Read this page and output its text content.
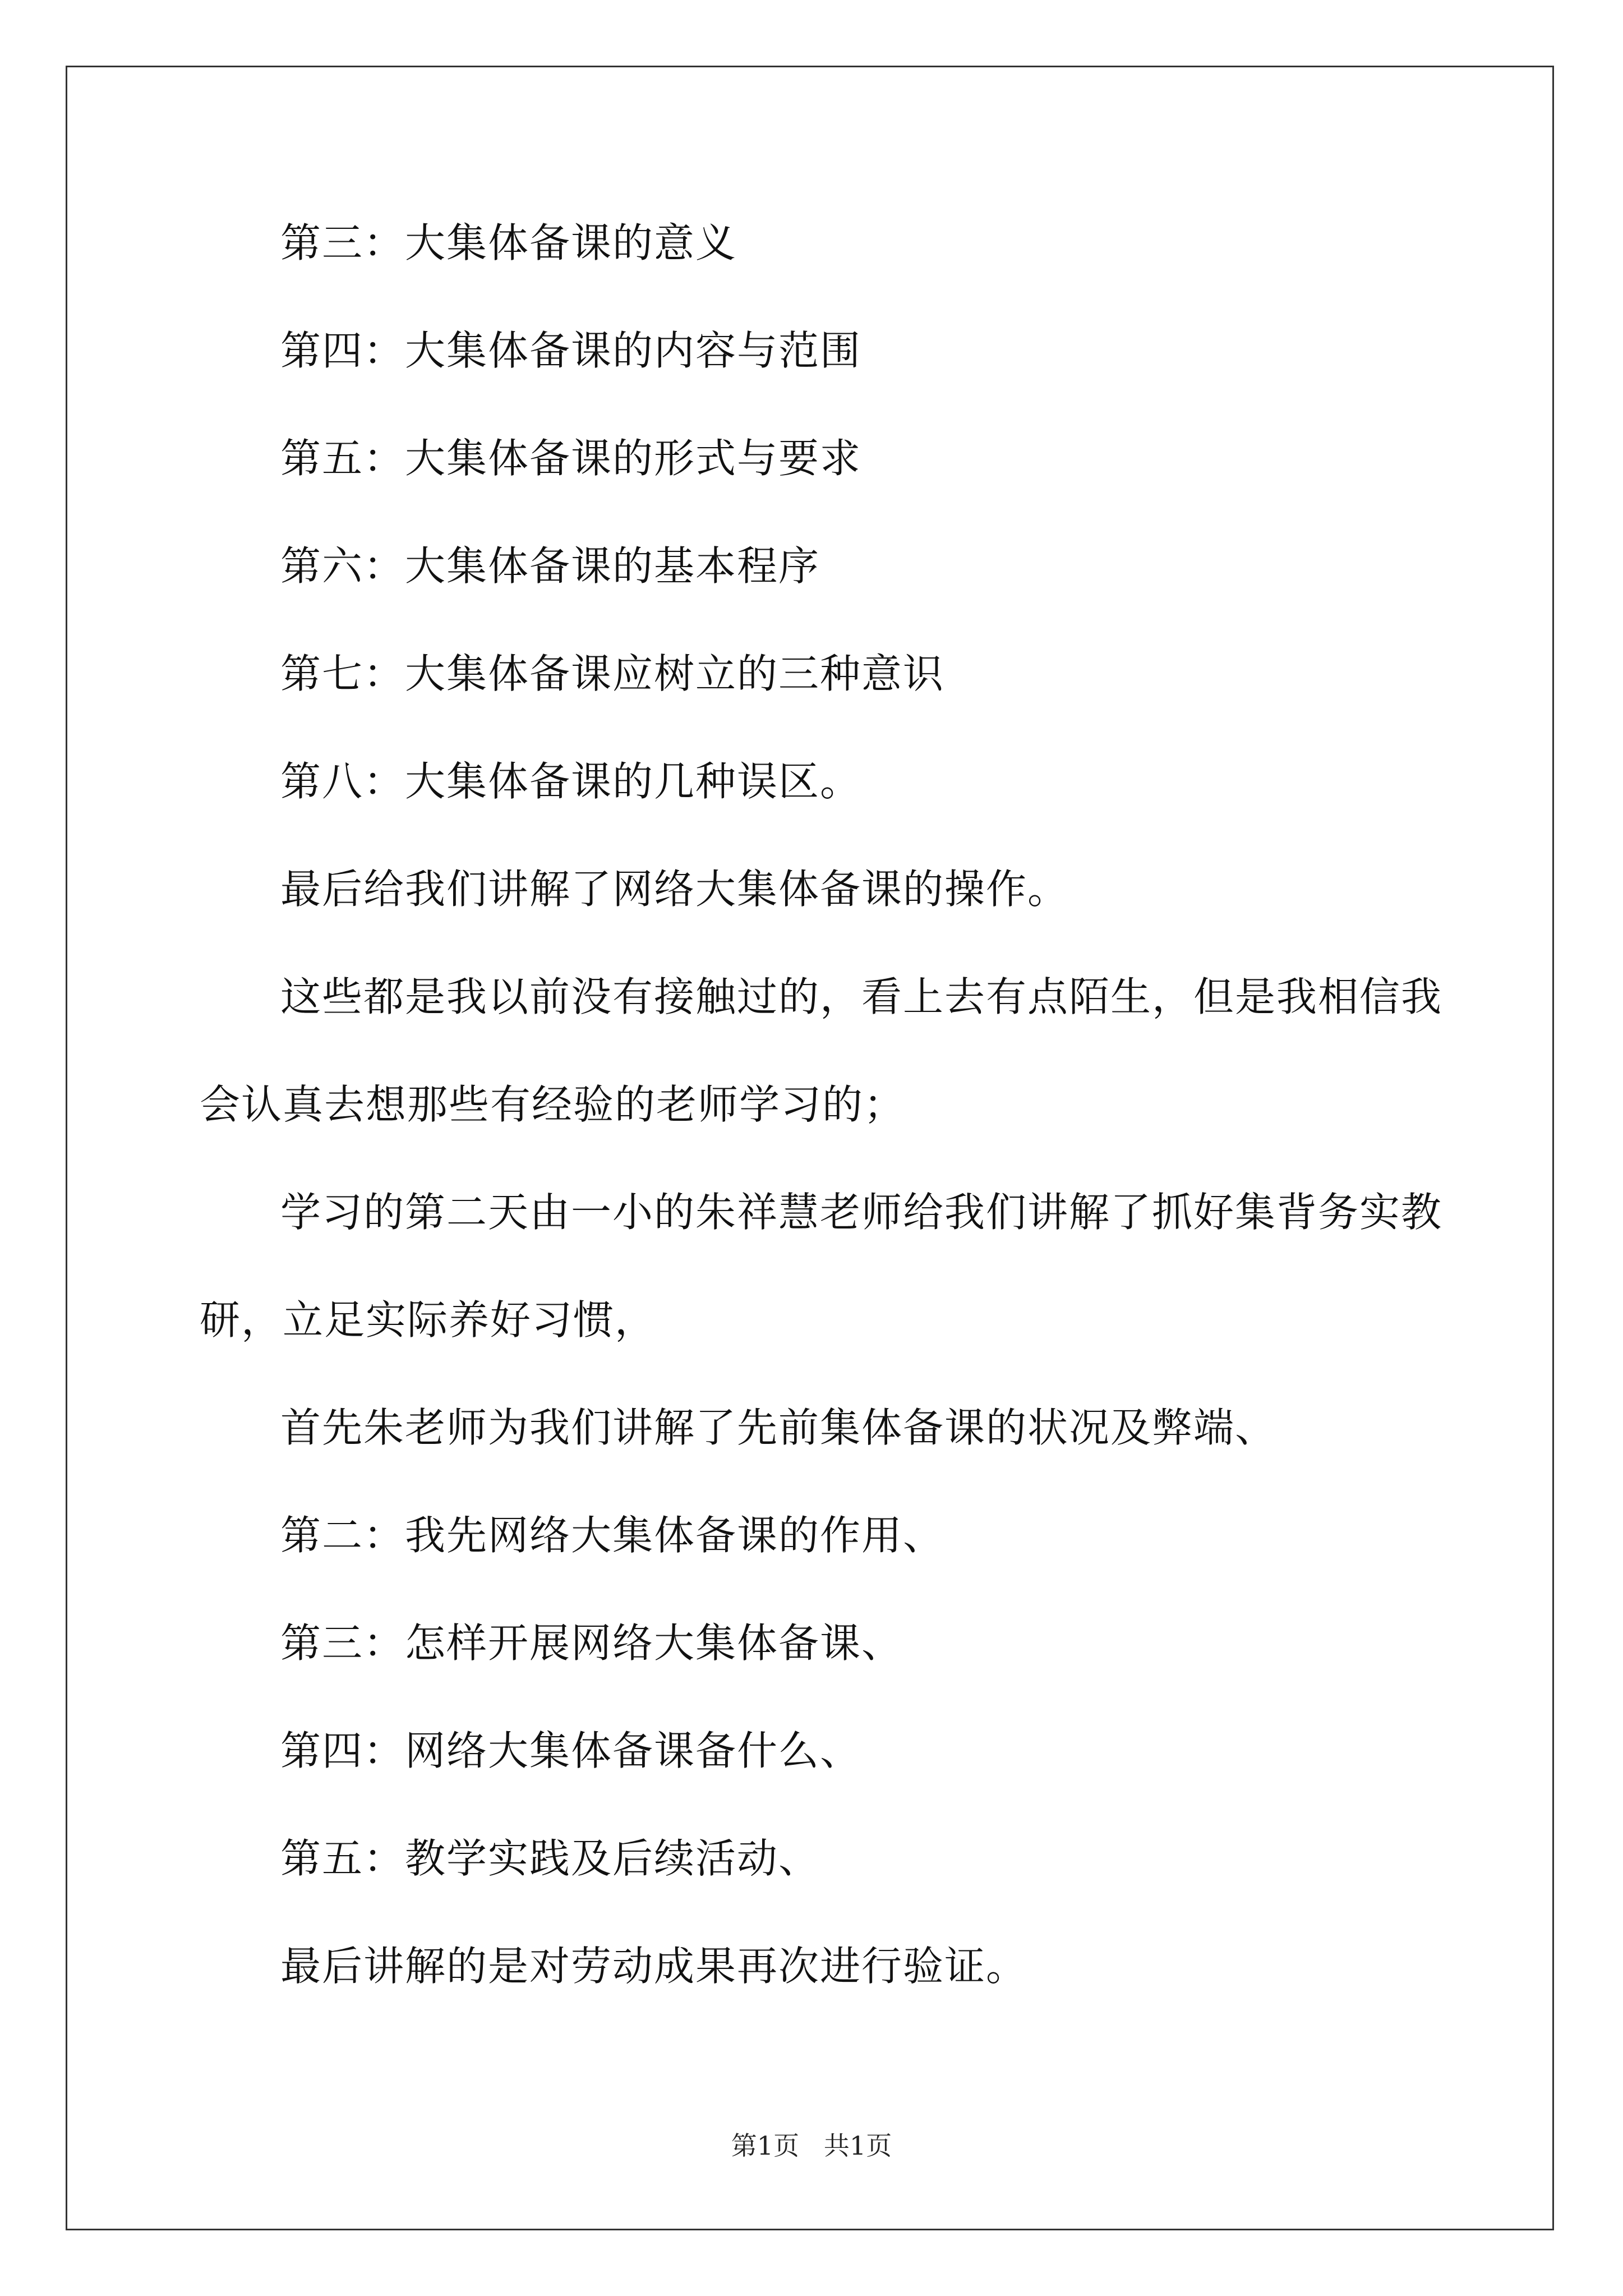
第三：大集体备课的意义

第四：大集体备课的内容与范围

第五：大集体备课的形式与要求

第六：大集体备课的基本程序

第七：大集体备课应树立的三种意识

第八：大集体备课的几种误区。

最后给我们讲解了网络大集体备课的操作。

这些都是我以前没有接触过的，看上去有点陌生，但是我相信我

会认真去想那些有经验的老师学习的；

学习的第二天由一小的朱祥慧老师给我们讲解了抓好集背务实教

研，立足实际养好习惯，

首先朱老师为我们讲解了先前集体备课的状况及弊端、

第二：我先网络大集体备课的作用、

第三：怎样开展网络大集体备课、

第四：网络大集体备课备什么、

第五：教学实践及后续活动、

最后讲解的是对劳动成果再次进行验证。

第1页   共1页
